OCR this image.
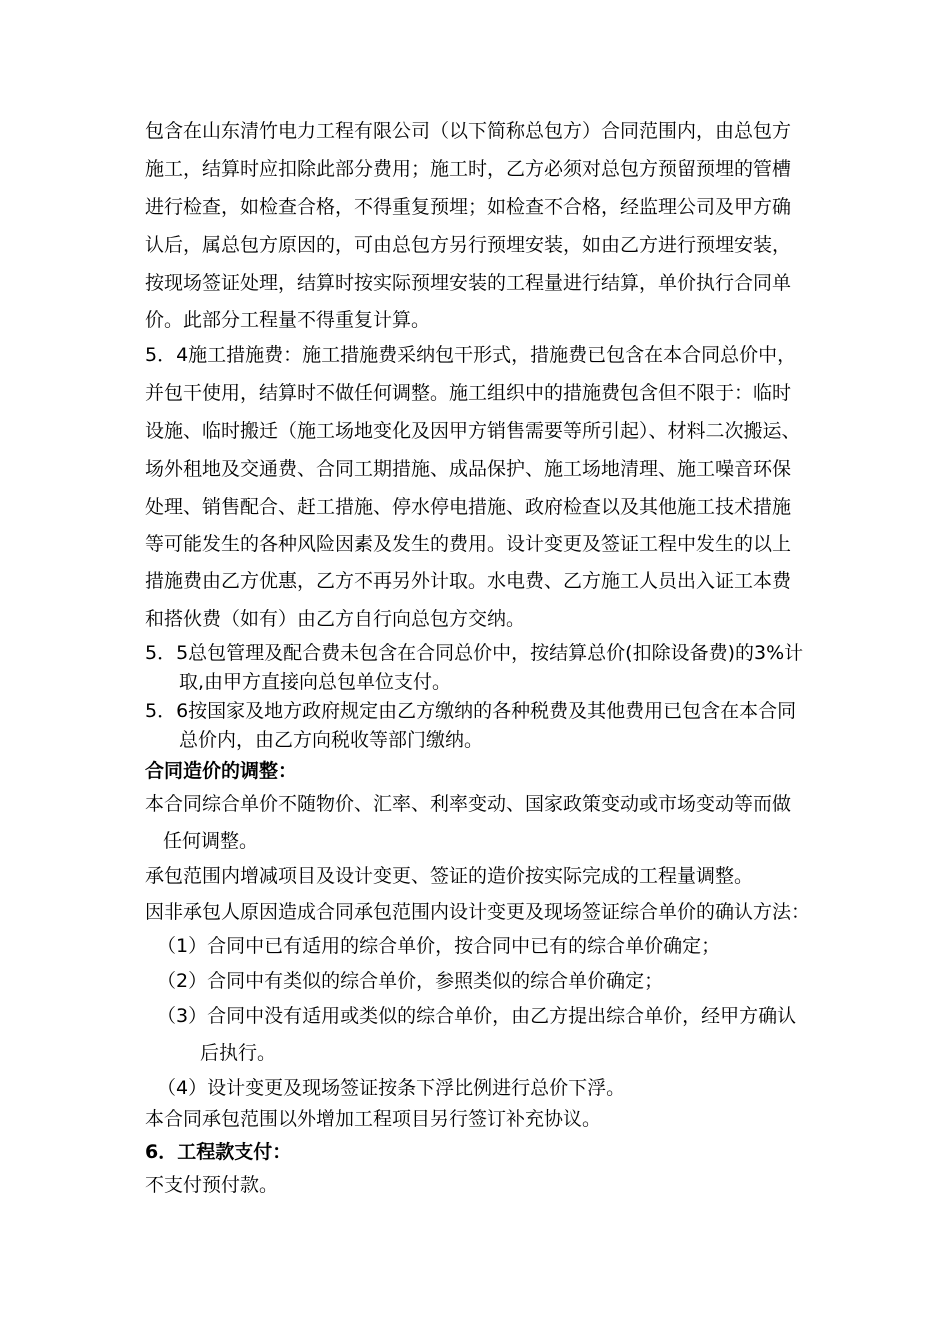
包含在山东清竹电力工程有限公司（以下简称总包方）合同范围内，由总包方
施工，结算时应扣除此部分费用；施工时，乙方必须对总包方预留预埋的管槽
进行检查，如检查合格，不得重复预埋；如检查不合格，经监理公司及甲方确
认后，属总包方原因的，可由总包方另行预埋安装，如由乙方进行预埋安装，
按现场签证处理，结算时按实际预埋安装的工程量进行结算，单价执行合同单
价。此部分工程量不得重复计算。
5．4施工措施费：施工措施费采纳包干形式，措施费已包含在本合同总价中，
并包干使用，结算时不做任何调整。施工组织中的措施费包含但不限于：临时
设施、临时搬迁（施工场地变化及因甲方销售需要等所引起）、材料二次搬运、
场外租地及交通费、合同工期措施、成品保护、施工场地清理、施工噪音环保
处理、销售配合、赶工措施、停水停电措施、政府检查以及其他施工技术措施
等可能发生的各种风险因素及发生的费用。设计变更及签证工程中发生的以上
措施费由乙方优惠，乙方不再另外计取。水电费、乙方施工人员出入证工本费
和搭伙费（如有）由乙方自行向总包方交纳。
5．5总包管理及配合费未包含在合同总价中，按结算总价(扣除设备费)的3%计
取,由甲方直接向总包单位支付。
5．6按国家及地方政府规定由乙方缴纳的各种税费及其他费用已包含在本合同
总价内，由乙方向税收等部门缴纳。
合同造价的调整：
本合同综合单价不随物价、汇率、利率变动、国家政策变动或市场变动等而做
任何调整。
承包范围内增减项目及设计变更、签证的造价按实际完成的工程量调整。
因非承包人原因造成合同承包范围内设计变更及现场签证综合单价的确认方法：
（1）合同中已有适用的综合单价，按合同中已有的综合单价确定；
（2）合同中有类似的综合单价，参照类似的综合单价确定；
（3）合同中没有适用或类似的综合单价，由乙方提出综合单价，经甲方确认
后执行。
（4）设计变更及现场签证按条下浮比例进行总价下浮。
本合同承包范围以外增加工程项目另行签订补充协议。
6．工程款支付：
不支付预付款。
